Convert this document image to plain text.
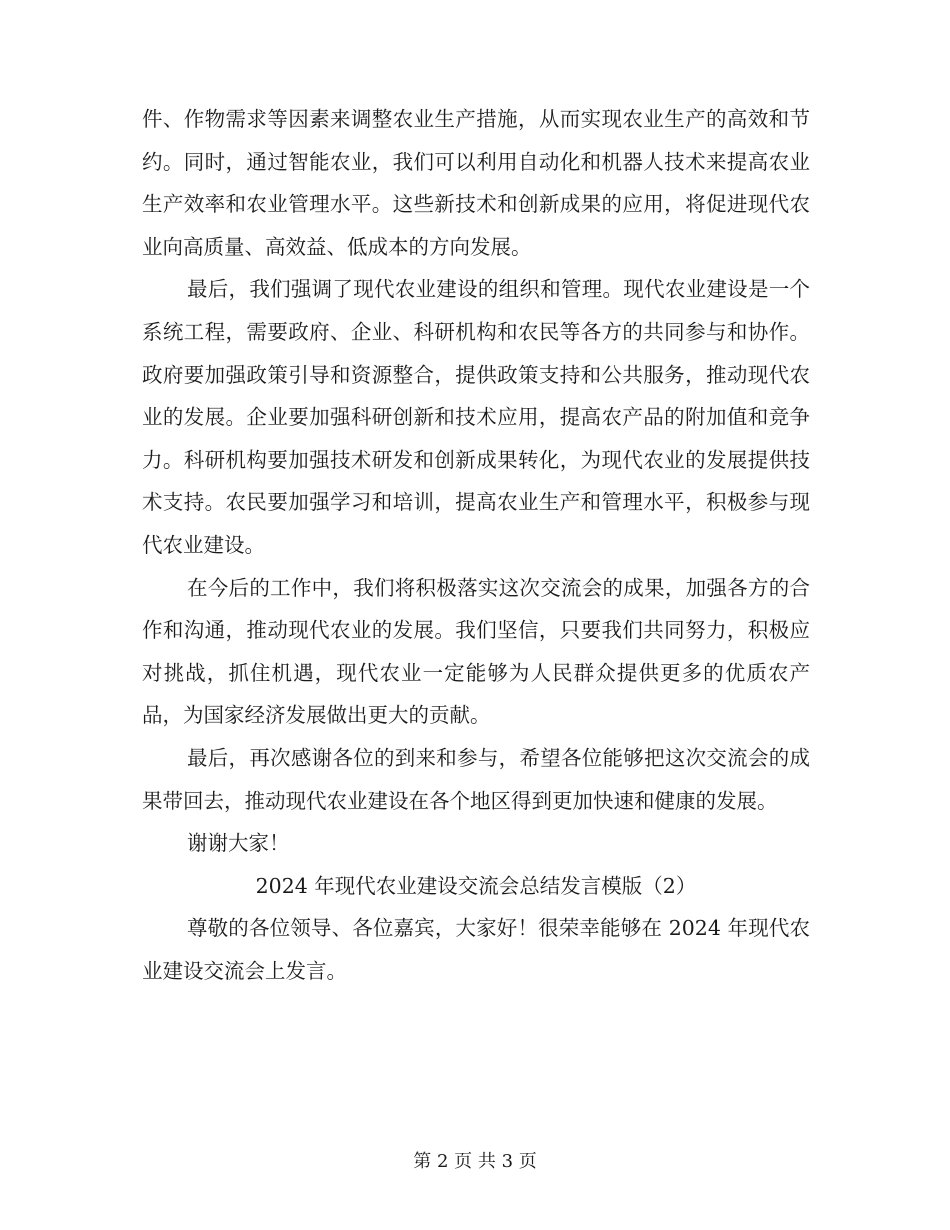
件、作物需求等因素来调整农业生产措施，从而实现农业生产的高效和节约。同时，通过智能农业，我们可以利用自动化和机器人技术来提高农业生产效率和农业管理水平。这些新技术和创新成果的应用，将促进现代农业向高质量、高效益、低成本的方向发展。

最后，我们强调了现代农业建设的组织和管理。现代农业建设是一个系统工程，需要政府、企业、科研机构和农民等各方的共同参与和协作。政府要加强政策引导和资源整合，提供政策支持和公共服务，推动现代农业的发展。企业要加强科研创新和技术应用，提高农产品的附加值和竞争力。科研机构要加强技术研发和创新成果转化，为现代农业的发展提供技术支持。农民要加强学习和培训，提高农业生产和管理水平，积极参与现代农业建设。

在今后的工作中，我们将积极落实这次交流会的成果，加强各方的合作和沟通，推动现代农业的发展。我们坚信，只要我们共同努力，积极应对挑战，抓住机遇，现代农业一定能够为人民群众提供更多的优质农产品，为国家经济发展做出更大的贡献。

最后，再次感谢各位的到来和参与，希望各位能够把这次交流会的成果带回去，推动现代农业建设在各个地区得到更加快速和健康的发展。

谢谢大家！

2024 年现代农业建设交流会总结发言模版（2）

尊敬的各位领导、各位嘉宾，大家好！很荣幸能够在 2024 年现代农业建设交流会上发言。

第 2 页 共 3 页
